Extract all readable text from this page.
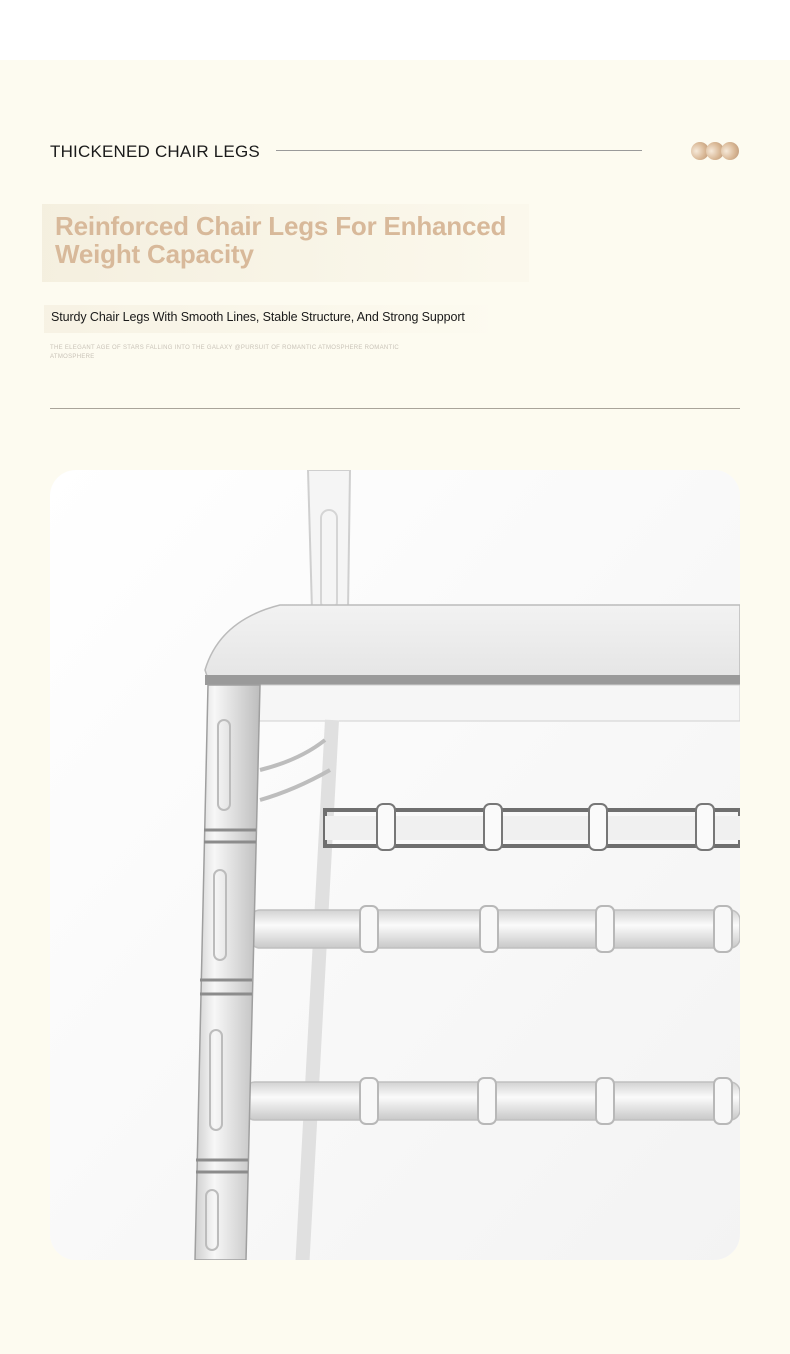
THICKENED CHAIR LEGS
Reinforced Chair Legs For Enhanced Weight Capacity
Sturdy Chair Legs With Smooth Lines, Stable Structure, And Strong Support
THE ELEGANT AGE OF STARS FALLING INTO THE GALAXY @PURSUIT OF ROMANTIC ATMOSPHERE ROMANTIC ATMOSPHERE
